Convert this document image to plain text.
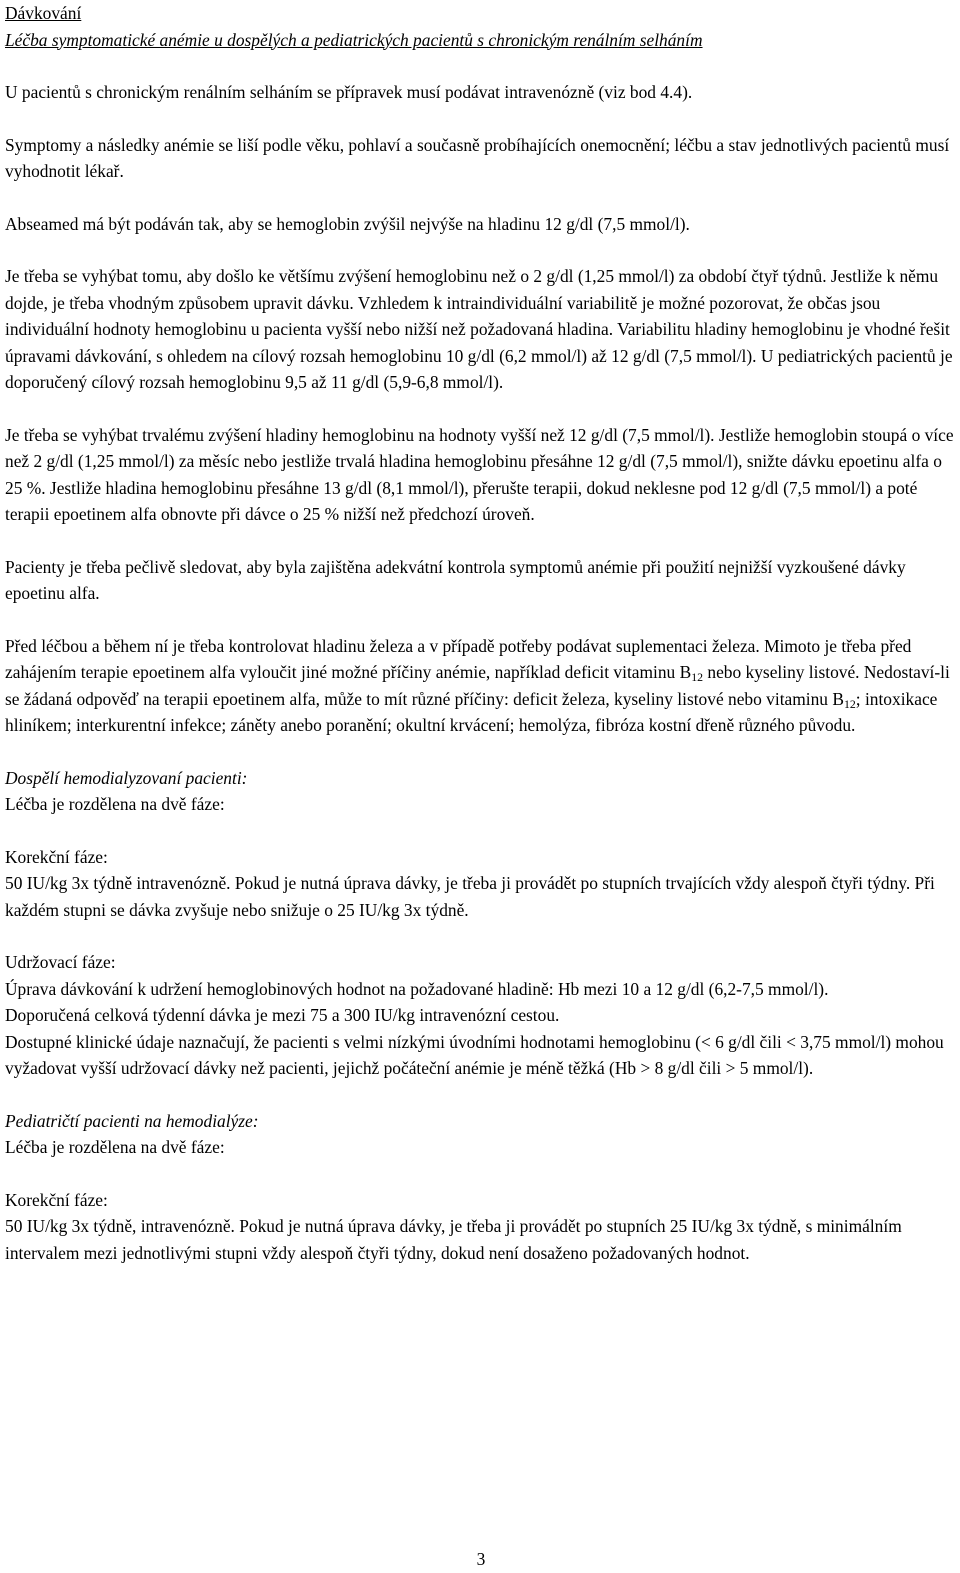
Dávkování

Léčba symptomatické anémie u dospělých a pediatrických pacientů s chronickým renálním selháním

U pacientů s chronickým renálním selháním se přípravek musí podávat intravenózně (viz bod 4.4).

Symptomy a následky anémie se liší podle věku, pohlaví a současně probíhajících onemocnění; léčbu a stav jednotlivých pacientů musí vyhodnotit lékař.

Abseamed má být podáván tak, aby se hemoglobin zvýšil nejvýše na hladinu 12 g/dl (7,5 mmol/l).

Je třeba se vyhýbat tomu, aby došlo ke většímu zvýšení hemoglobinu než o 2 g/dl (1,25 mmol/l) za období čtyř týdnů. Jestliže k němu dojde, je třeba vhodným způsobem upravit dávku. Vzhledem k intraindividuální variabilitě je možné pozorovat, že občas jsou individuální hodnoty hemoglobinu u pacienta vyšší nebo nižší než požadovaná hladina. Variabilitu hladiny hemoglobinu je vhodné řešit úpravami dávkování, s ohledem na cílový rozsah hemoglobinu 10 g/dl (6,2 mmol/l) až 12 g/dl (7,5 mmol/l). U pediatrických pacientů je doporučený cílový rozsah hemoglobinu 9,5 až 11 g/dl (5,9-6,8 mmol/l).

Je třeba se vyhýbat trvalému zvýšení hladiny hemoglobinu na hodnoty vyšší než 12 g/dl (7,5 mmol/l). Jestliže hemoglobin stoupá o více než 2 g/dl (1,25 mmol/l) za měsíc nebo jestliže trvalá hladina hemoglobinu přesáhne 12 g/dl (7,5 mmol/l), snižte dávku epoetinu alfa o 25 %. Jestliže hladina hemoglobinu přesáhne 13 g/dl (8,1 mmol/l), přerušte terapii, dokud neklesne pod 12 g/dl (7,5 mmol/l) a poté terapii epoetinem alfa obnovte při dávce o 25 % nižší než předchozí úroveň.

Pacienty je třeba pečlivě sledovat, aby byla zajištěna adekvátní kontrola symptomů anémie při použití nejnižší vyzkoušené dávky epoetinu alfa.

Před léčbou a během ní je třeba kontrolovat hladinu železa a v případě potřeby podávat suplementaci železa. Mimoto je třeba před zahájením terapie epoetinem alfa vyloučit jiné možné příčiny anémie, například deficit vitaminu $B_{12}$ nebo kyseliny listové. Nedostaví-li se žádaná odpověď na terapii epoetinem alfa, může to mít různé příčiny: deficit železa, kyseliny listové nebo vitaminu $B_{12}$; intoxikace hliníkem; interkurentní infekce; záněty anebo poranění; okultní krvácení; hemolýza, fibróza kostní dřeně různého původu.

Dospělí hemodialyzovaní pacienti:

Léčba je rozdělena na dvě fáze:

Korekční fáze:

50 IU/kg 3x týdně intravenózně. Pokud je nutná úprava dávky, je třeba ji provádět po stupních trvajících vždy alespoň čtyři týdny. Při každém stupni se dávka zvyšuje nebo snižuje o 25 IU/kg 3x týdně.

Udržovací fáze:

Úprava dávkování k udržení hemoglobinových hodnot na požadované hladině: Hb mezi 10 a 12 g/dl (6,2-7,5 mmol/l).

Doporučená celková týdenní dávka je mezi 75 a 300 IU/kg intravenózní cestou.

Dostupné klinické údaje naznačují, že pacienti s velmi nízkými úvodními hodnotami hemoglobinu (< 6 g/dl čili < 3,75 mmol/l) mohou vyžadovat vyšší udržovací dávky než pacienti, jejichž počáteční anémie je méně těžká (Hb > 8 g/dl čili > 5 mmol/l).

Pediatričtí pacienti na hemodialýze:

Léčba je rozdělena na dvě fáze:

Korekční fáze:

50 IU/kg 3x týdně, intravenózně. Pokud je nutná úprava dávky, je třeba ji provádět po stupních 25 IU/kg 3x týdně, s minimálním intervalem mezi jednotlivými stupni vždy alespoň čtyři týdny, dokud není dosaženo požadovaných hodnot.

3
